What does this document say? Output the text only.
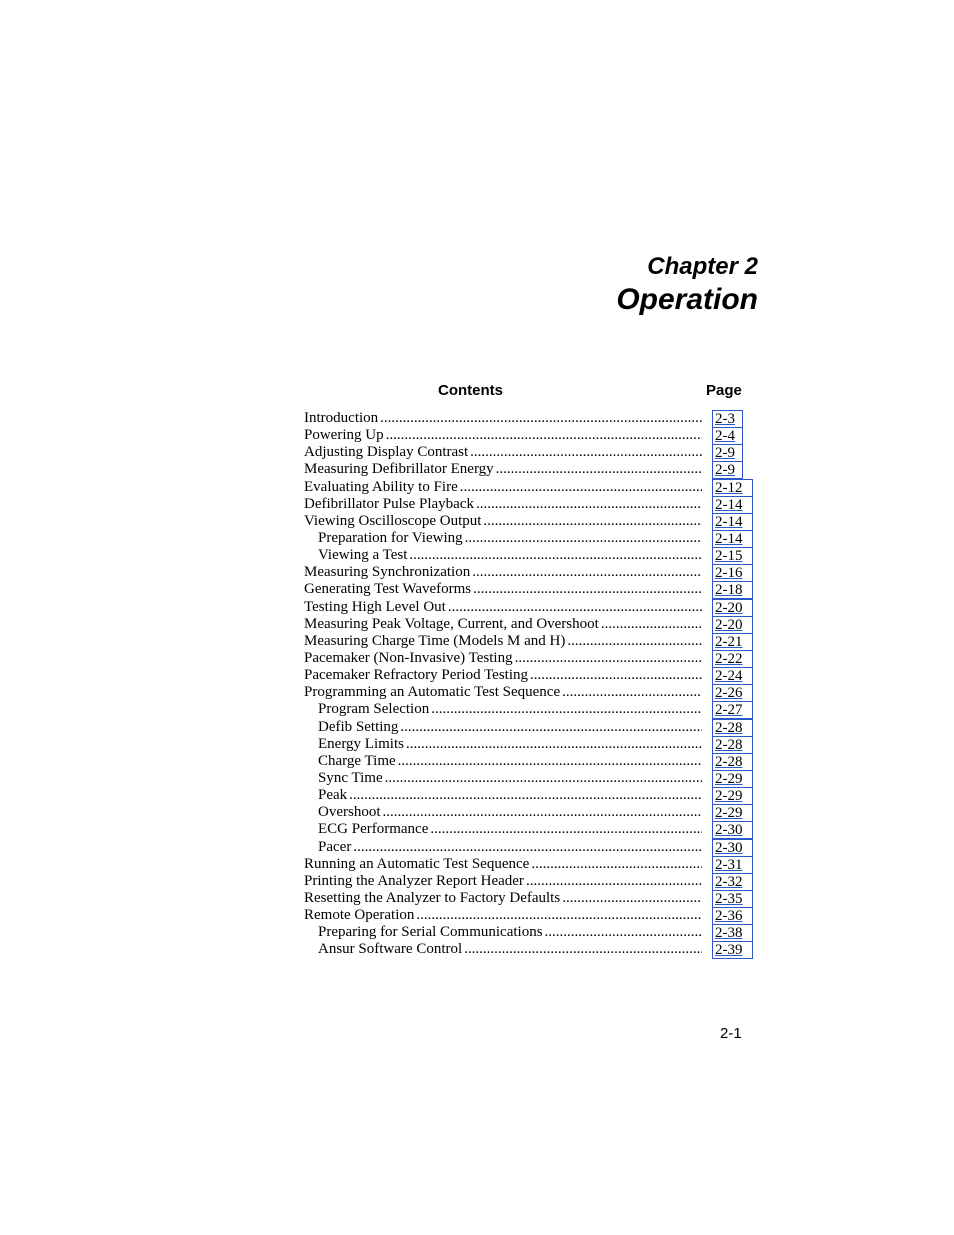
Chapter 2
Operation
Contents	Page
Introduction .....	2-3
Powering Up .....	2-4
Adjusting Display Contrast .....	2-9
Measuring Defibrillator Energy .....	2-9
Evaluating Ability to Fire .....	2-12
Defibrillator Pulse Playback .....	2-14
Viewing Oscilloscope Output .....	2-14
Preparation for Viewing .....	2-14
Viewing a Test .....	2-15
Measuring Synchronization .....	2-16
Generating Test Waveforms .....	2-18
Testing High Level Out .....	2-20
Measuring Peak Voltage, Current, and Overshoot .....	2-20
Measuring Charge Time (Models M and H) .....	2-21
Pacemaker (Non-Invasive) Testing .....	2-22
Pacemaker Refractory Period Testing .....	2-24
Programming an Automatic Test Sequence .....	2-26
Program Selection .....	2-27
Defib Setting .....	2-28
Energy Limits .....	2-28
Charge Time .....	2-28
Sync Time .....	2-29
Peak .....	2-29
Overshoot .....	2-29
ECG Performance .....	2-30
Pacer .....	2-30
Running an Automatic Test Sequence .....	2-31
Printing the Analyzer Report Header .....	2-32
Resetting the Analyzer to Factory Defaults .....	2-35
Remote Operation .....	2-36
Preparing for Serial Communications .....	2-38
Ansur Software Control .....	2-39
2-1
